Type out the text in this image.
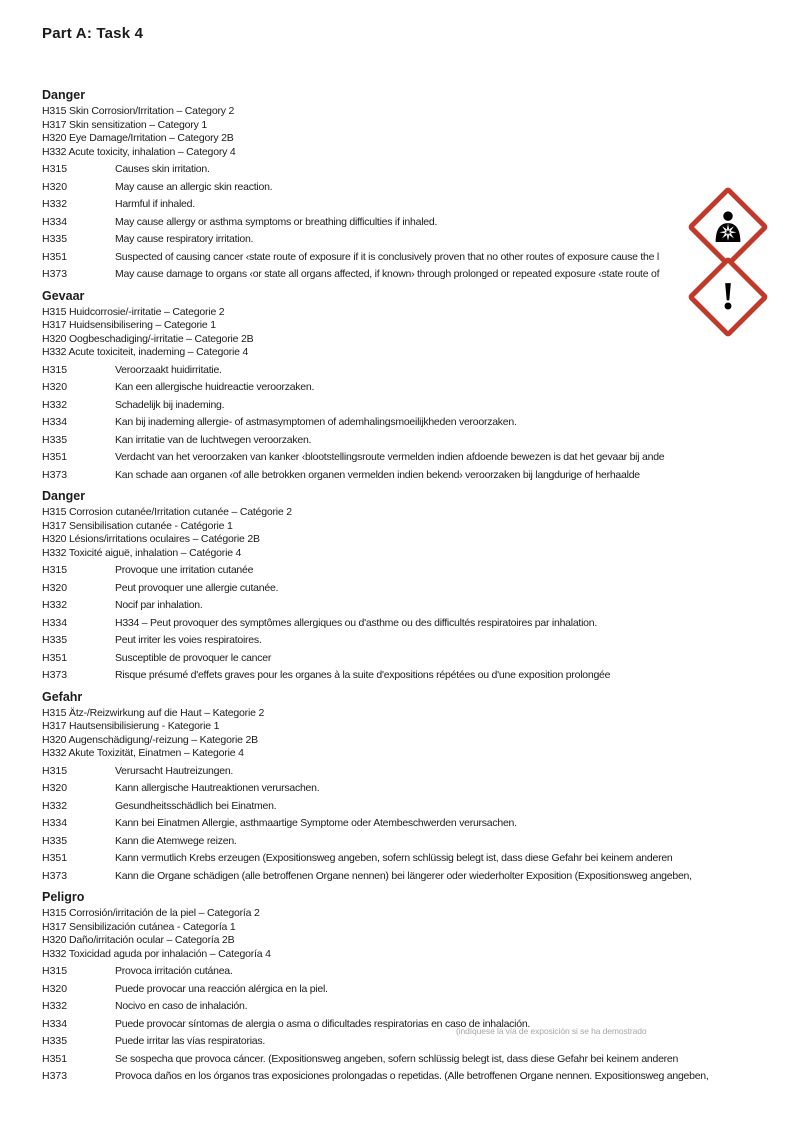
Part A: Task 4
Danger
H315 Skin Corrosion/Irritation – Category 2
H317 Skin sensitization – Category 1
H320 Eye Damage/Irritation – Category 2B
H332 Acute toxicity, inhalation – Category 4
H315	Causes skin irritation.
H320	May cause an allergic skin reaction.
H332	Harmful if inhaled.
H334	May cause allergy or asthma symptoms or breathing difficulties if inhaled.
H335	May cause respiratory irritation.
H351	Suspected of causing cancer ‹state route of exposure if it is conclusively proven that no other routes of exposure cause the l
H373	May cause damage to organs ‹or state all organs affected, if known› through prolonged or repeated exposure ‹state route of
Gevaar
H315 Huidcorrosie/-irritatie – Categorie 2
H317 Huidsensibilisering – Categorie 1
H320 Oogbeschadiging/-irritatie – Categorie 2B
H332 Acute toxiciteit, inademing – Categorie 4
H315	Veroorzaakt huidirritatie.
H320	Kan een allergische huidreactie veroorzaken.
H332	Schadelijk bij inademing.
H334	Kan bij inademing allergie- of astmasymptomen of ademhalingsmoeilijkheden veroorzaken.
H335	Kan irritatie van de luchtwegen veroorzaken.
H351	Verdacht van het veroorzaken van kanker ‹blootstellingsroute vermelden indien afdoende bewezen is dat het gevaar bij ande
H373	Kan schade aan organen ‹of alle betrokken organen vermelden indien bekend› veroorzaken bij langdurige of herhaalde
Danger
H315 Corrosion cutanée/Irritation cutanée – Catégorie 2
H317 Sensibilisation cutanée - Catégorie 1
H320 Lésions/irritations oculaires – Catégorie 2B
H332 Toxicité aiguë, inhalation – Catégorie 4
H315	Provoque une irritation cutanée
H320	Peut provoquer une allergie cutanée.
H332	Nocif par inhalation.
H334	H334 – Peut provoquer des symptômes allergiques ou d'asthme ou des difficultés respiratoires par inhalation.
H335	Peut irriter les voies respiratoires.
H351	Susceptible de provoquer le cancer
H373	Risque présumé d'effets graves pour les organes à la suite d'expositions répétées ou d'une exposition prolongée
Gefahr
H315 Ätz-/Reizwirkung auf die Haut – Kategorie 2
H317 Hautsensibilisierung - Kategorie 1
H320 Augenschädigung/-reizung – Kategorie 2B
H332 Akute Toxizität, Einatmen – Kategorie 4
H315	Verursacht Hautreizungen.
H320	Kann allergische Hautreaktionen verursachen.
H332	Gesundheitsschädlich bei Einatmen.
H334	Kann bei Einatmen Allergie, asthmaartige Symptome oder Atembeschwerden verursachen.
H335	Kann die Atemwege reizen.
H351	Kann vermutlich Krebs erzeugen (Expositionsweg angeben, sofern schlüssig belegt ist, dass diese Gefahr bei keinem anderen
H373	Kann die Organe schädigen (alle betroffenen Organe nennen) bei längerer oder wiederholter Exposition (Expositionsweg angeben,
Peligro
H315 Corrosión/irritación de la piel – Categoría 2
H317 Sensibilización cutánea - Categoría 1
H320 Daño/irritación ocular – Categoría 2B
H332 Toxicidad aguda por inhalación – Categoría 4
H315	Provoca irritación cutánea.
H320	Puede provocar una reacción alérgica en la piel.
H332	Nocivo en caso de inhalación.
H334	Puede provocar síntomas de alergia o asma o dificultades respiratorias en caso de inhalación.
H335	Puede irritar las vías respiratorias.
H351	Se sospecha que provoca cáncer. (Expositionsweg angeben, sofern schlüssig belegt ist, dass diese Gefahr bei keinem anderen
H373	Provoca daños en los órganos tras exposiciones prolongadas o repetidas. (Alle betroffenen Organe nennen. Expositionsweg angeben,
(indíquese la vía de exposición si se ha demostrado
